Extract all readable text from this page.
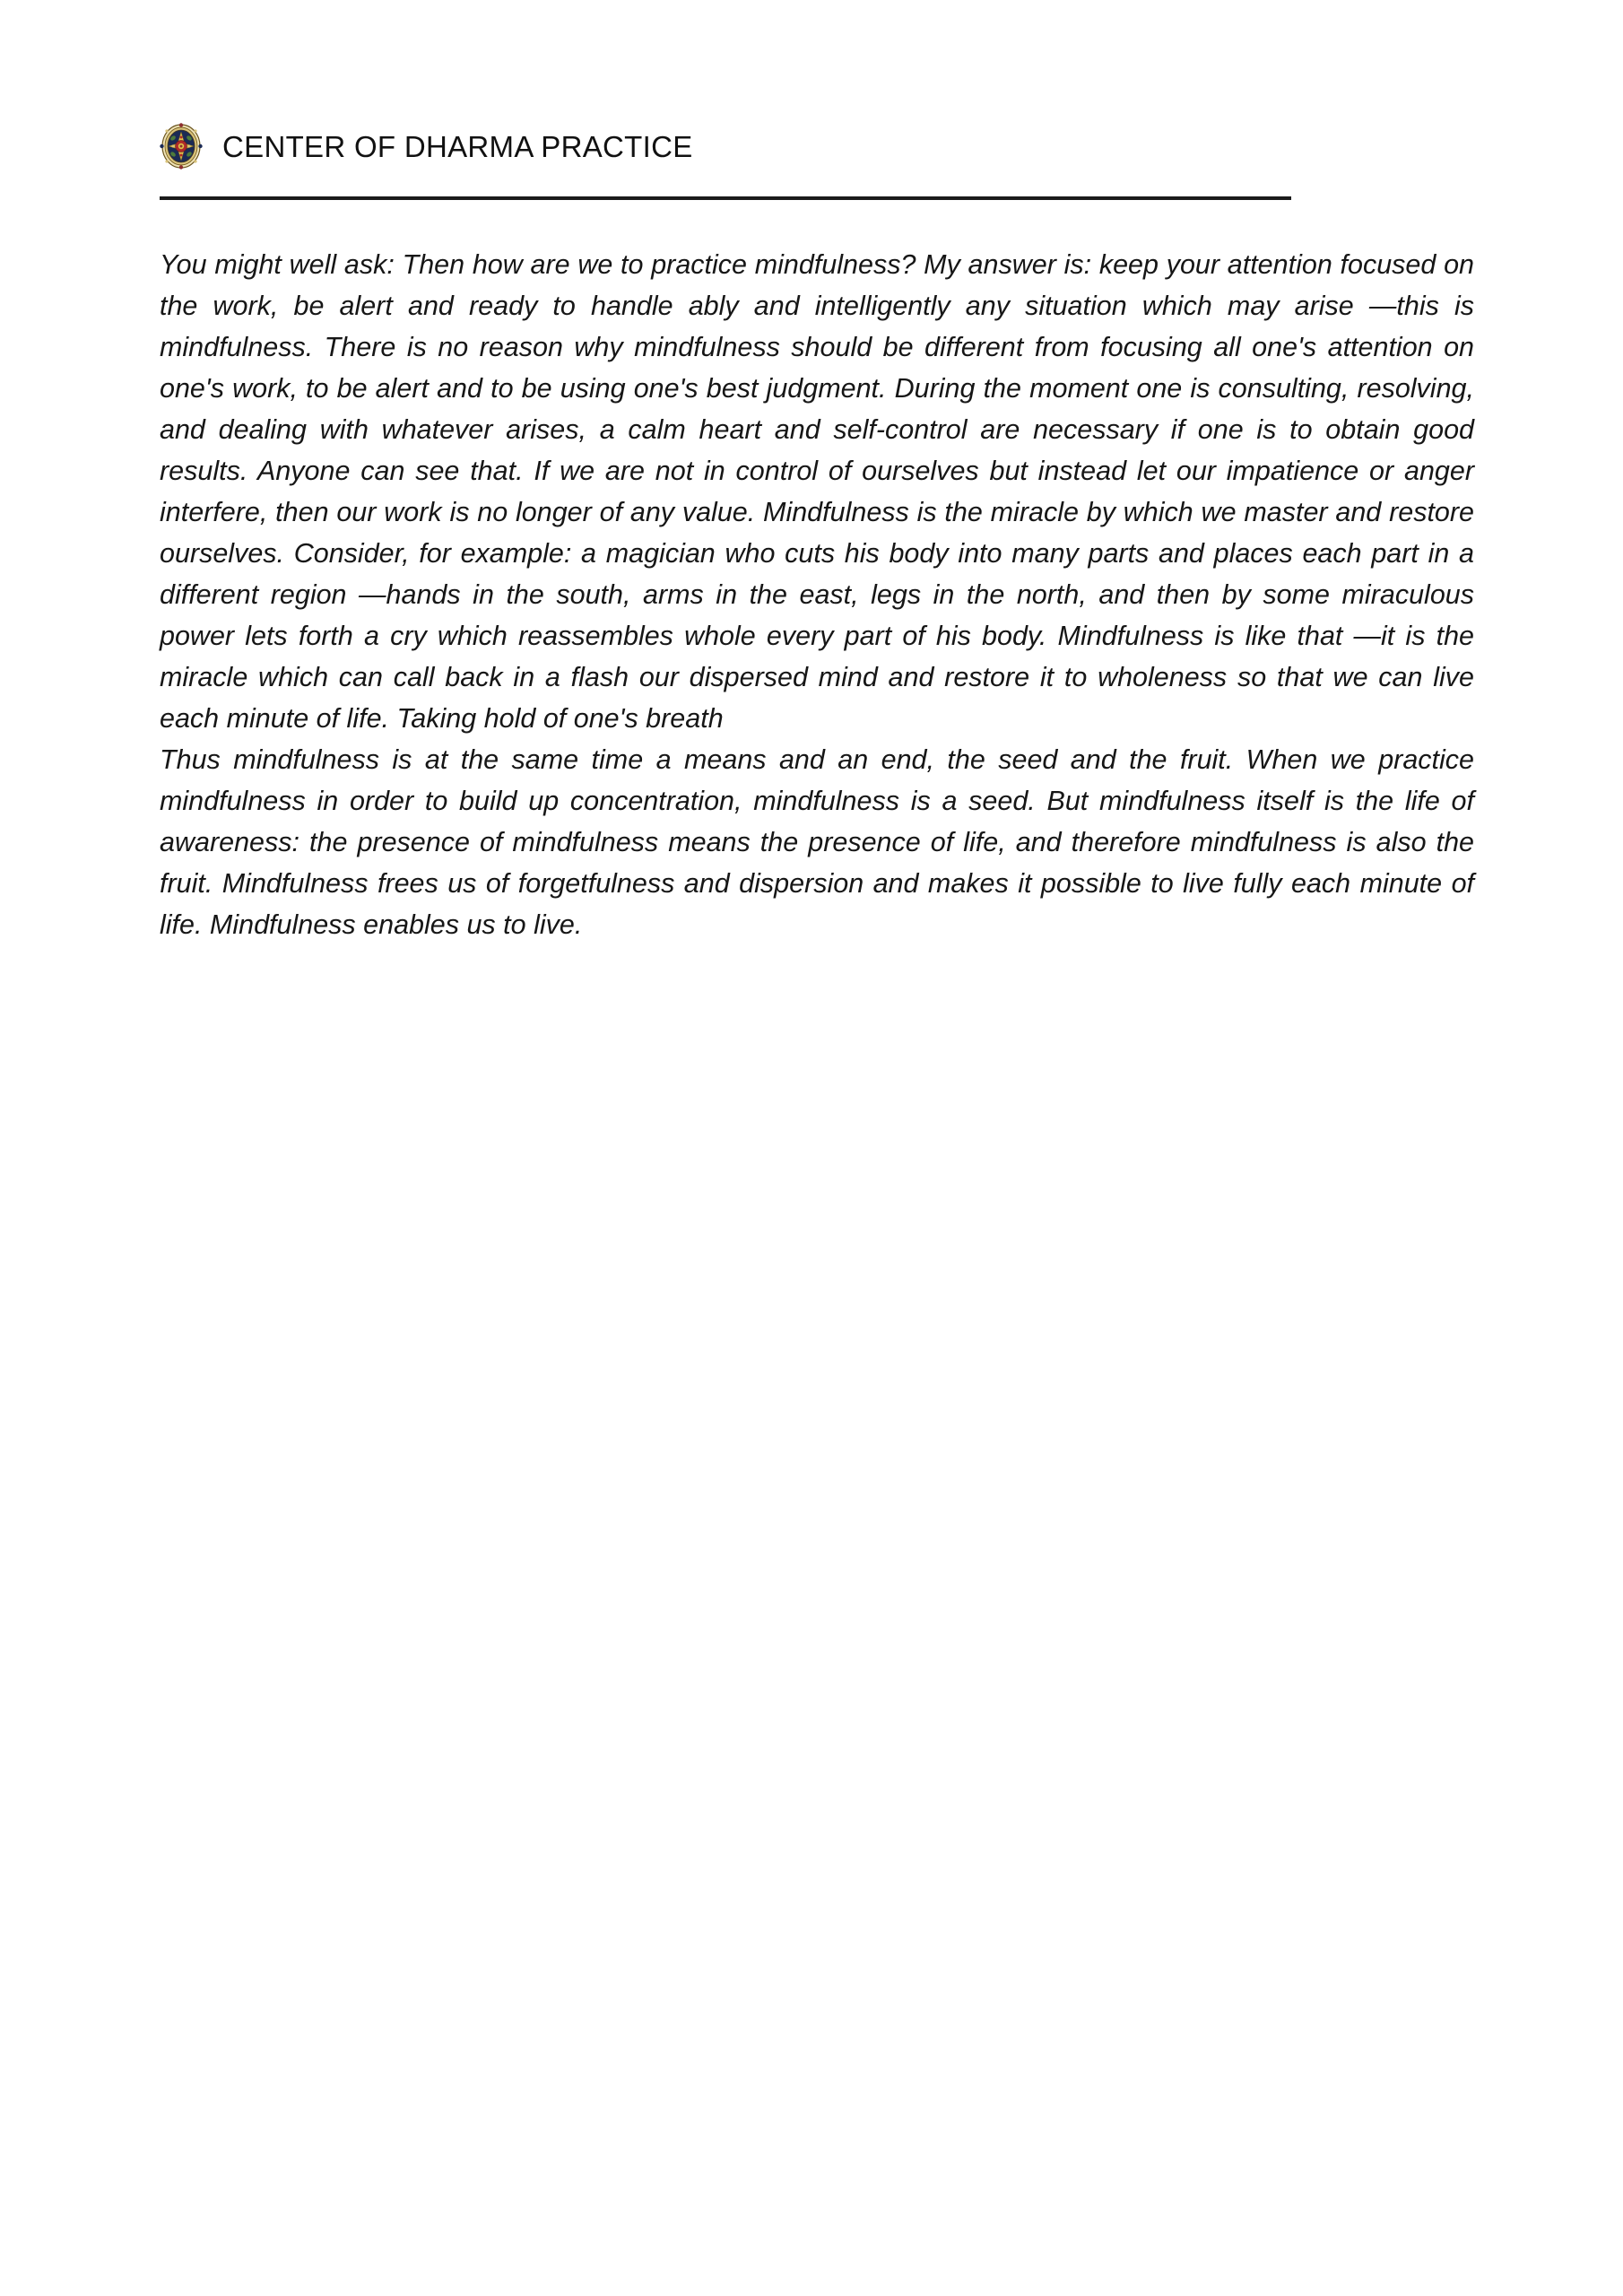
CENTER OF DHARMA PRACTICE

You might well ask: Then how are we to practice mindfulness? My answer is: keep your attention focused on the work, be alert and ready to handle ably and intelligently any situation which may arise —this is mindfulness. There is no reason why mindfulness should be different from focusing all one's attention on one's work, to be alert and to be using one's best judgment. During the moment one is consulting, resolving, and dealing with whatever arises, a calm heart and self-control are necessary if one is to obtain good results. Anyone can see that. If we are not in control of ourselves but instead let our impatience or anger interfere, then our work is no longer of any value. Mindfulness is the miracle by which we master and restore ourselves. Consider, for example: a magician who cuts his body into many parts and places each part in a different region —hands in the south, arms in the east, legs in the north, and then by some miraculous power lets forth a cry which reassembles whole every part of his body. Mindfulness is like that —it is the miracle which can call back in a flash our dispersed mind and restore it to wholeness so that we can live each minute of life. Taking hold of one's breath

Thus mindfulness is at the same time a means and an end, the seed and the fruit. When we practice mindfulness in order to build up concentration, mindfulness is a seed. But mindfulness itself is the life of awareness: the presence of mindfulness means the presence of life, and therefore mindfulness is also the fruit. Mindfulness frees us of forgetfulness and dispersion and makes it possible to live fully each minute of life. Mindfulness enables us to live.
